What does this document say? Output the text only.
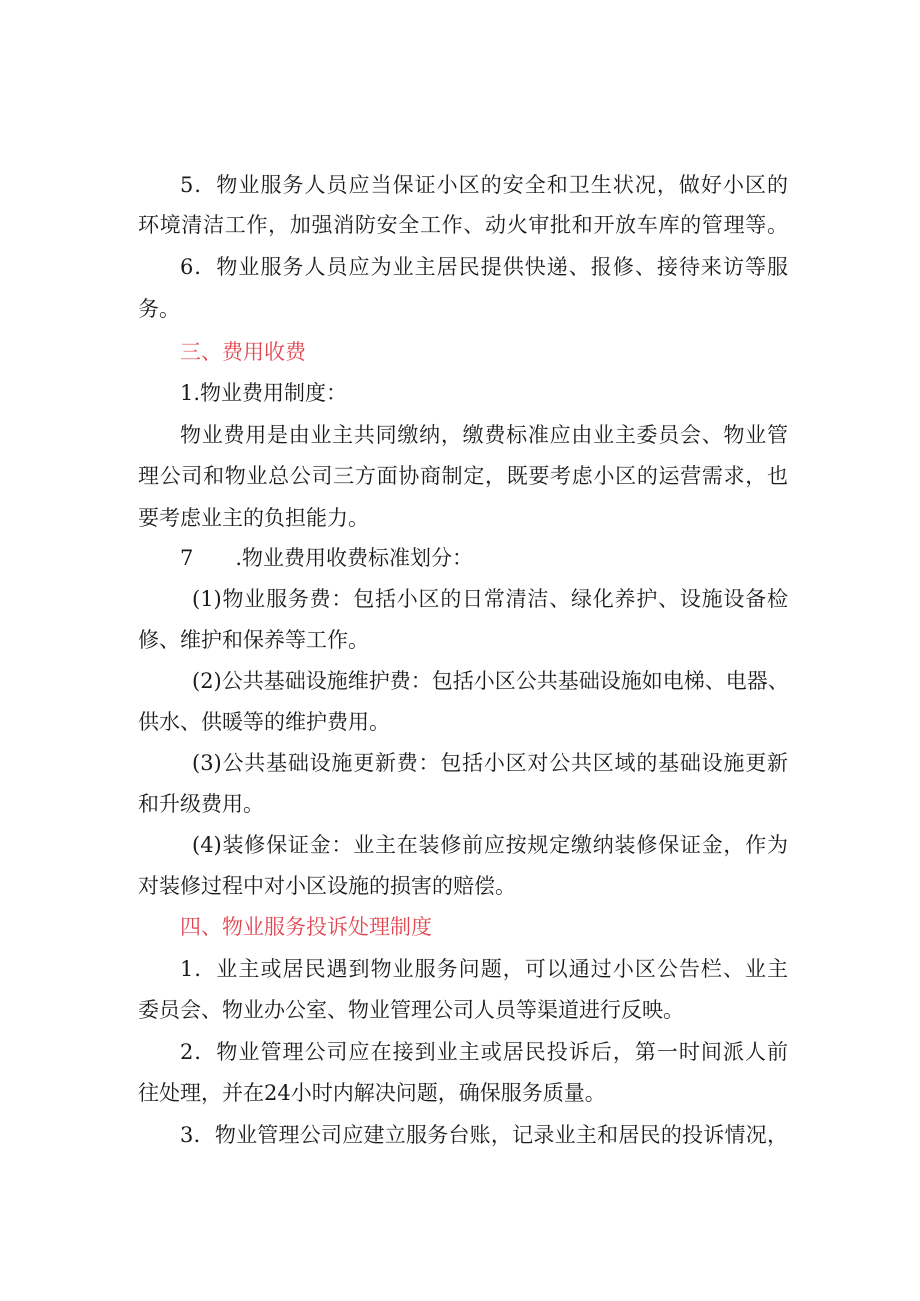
5．物业服务人员应当保证小区的安全和卫生状况，做好小区的
环境清洁工作，加强消防安全工作、动火审批和开放车库的管理等。
6．物业服务人员应为业主居民提供快递、报修、接待来访等服
务。
三、费用收费
1.物业费用制度：
物业费用是由业主共同缴纳，缴费标准应由业主委员会、物业管
理公司和物业总公司三方面协商制定，既要考虑小区的运营需求，也
要考虑业主的负担能力。
7　　.物业费用收费标准划分：
(1)物业服务费：包括小区的日常清洁、绿化养护、设施设备检
修、维护和保养等工作。
(2)公共基础设施维护费：包括小区公共基础设施如电梯、电器、
供水、供暖等的维护费用。
(3)公共基础设施更新费：包括小区对公共区域的基础设施更新
和升级费用。
(4)装修保证金：业主在装修前应按规定缴纳装修保证金，作为
对装修过程中对小区设施的损害的赔偿。
四、物业服务投诉处理制度
1．业主或居民遇到物业服务问题，可以通过小区公告栏、业主
委员会、物业办公室、物业管理公司人员等渠道进行反映。
2．物业管理公司应在接到业主或居民投诉后，第一时间派人前
往处理，并在24小时内解决问题，确保服务质量。
3．物业管理公司应建立服务台账，记录业主和居民的投诉情况，
